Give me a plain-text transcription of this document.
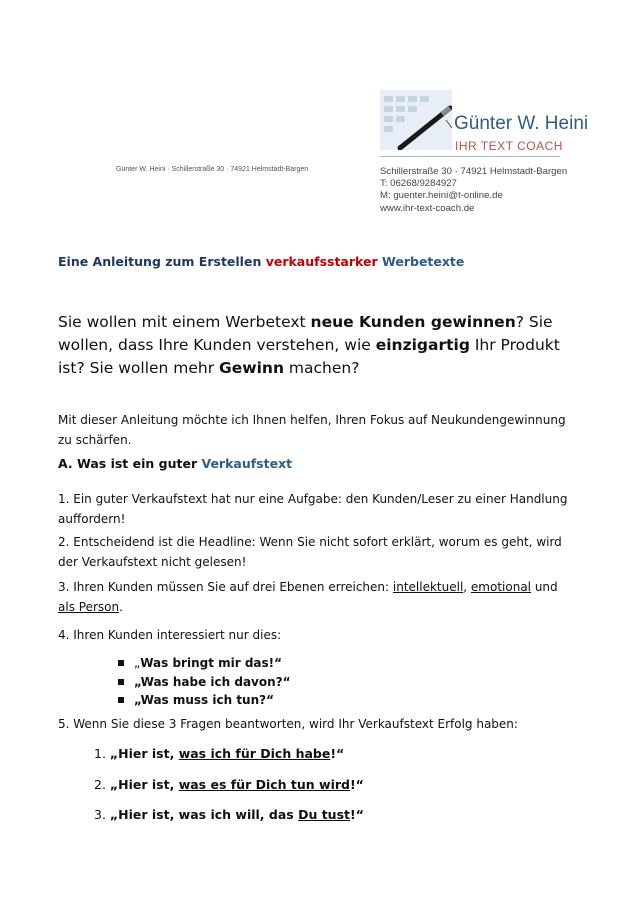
Günter W. Heini · Schillerstraße 30 · 74921 Helmstadt-Bargen
Günter W. Heini
IHR TEXT COACH
Schillerstraße 30 · 74921 Helmstadt-Bargen
T: 06268/9284927
M: guenter.heini@t-online.de
www.ihr-text-coach.de
Eine Anleitung zum Erstellen verkaufsstarker Werbetexte
Sie wollen mit einem Werbetext neue Kunden gewinnen? Sie wollen, dass Ihre Kunden verstehen, wie einzigartig Ihr Produkt ist? Sie wollen mehr Gewinn machen?
Mit dieser Anleitung möchte ich Ihnen helfen, Ihren Fokus auf Neukundengewinnung zu schärfen.
A. Was ist ein guter Verkaufstext
1. Ein guter Verkaufstext hat nur eine Aufgabe: den Kunden/Leser zu einer Handlung auffordern!
2. Entscheidend ist die Headline: Wenn Sie nicht sofort erklärt, worum es geht, wird der Verkaufstext nicht gelesen!
3. Ihren Kunden müssen Sie auf drei Ebenen erreichen: intellektuell, emotional und als Person.
4. Ihren Kunden interessiert nur dies:
„Was bringt mir das!“
„Was habe ich davon?“
„Was muss ich tun?“
5. Wenn Sie diese 3 Fragen beantworten, wird Ihr Verkaufstext Erfolg haben:
1. „Hier ist, was ich für Dich habe!“
2. „Hier ist, was es für Dich tun wird!“
3. „Hier ist, was ich will, das Du tust!“
